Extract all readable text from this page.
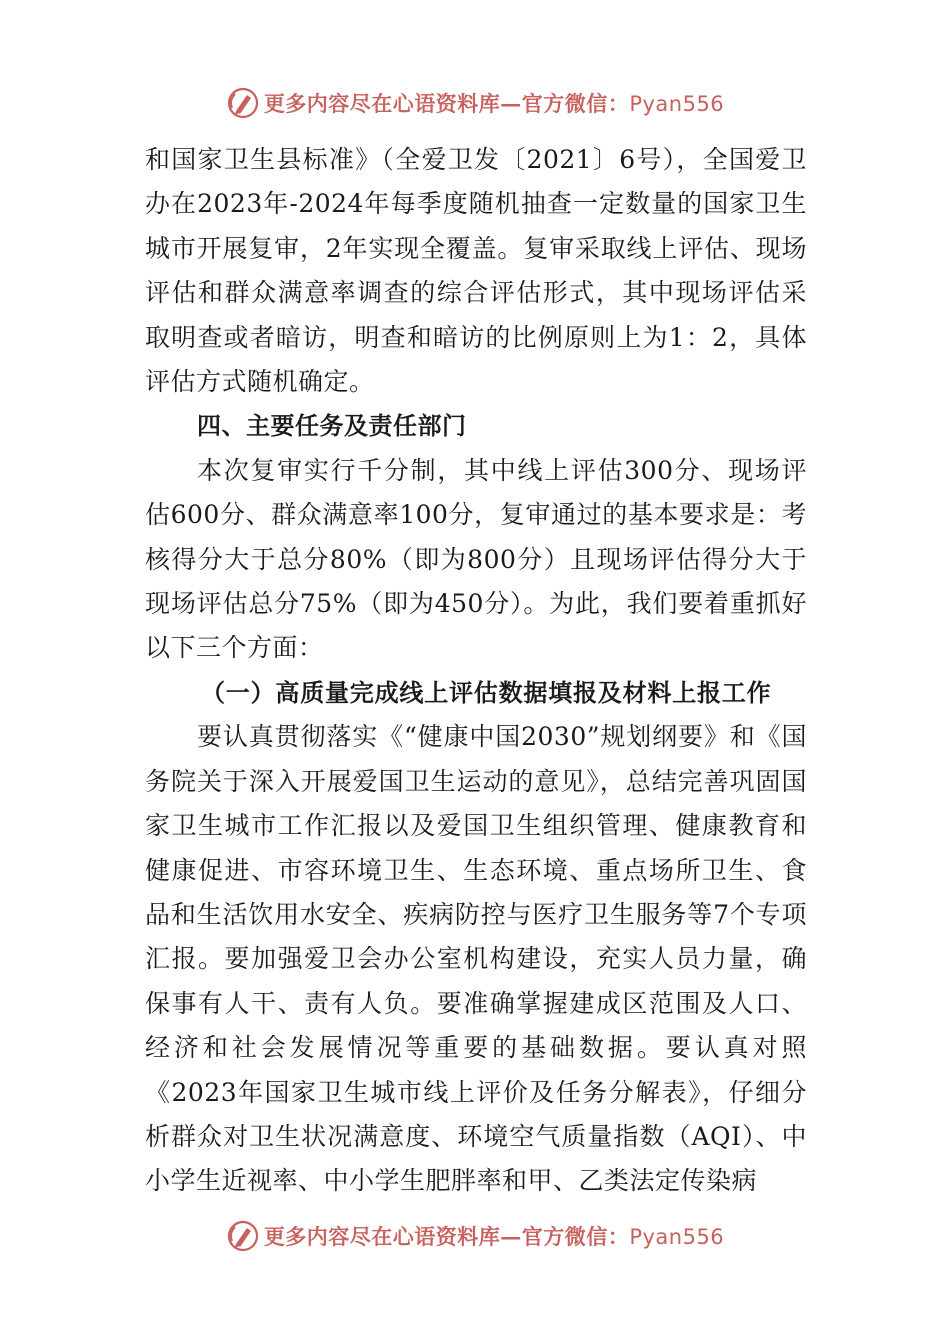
更多内容尽在心语资料库—官方微信：Pyan556

和国家卫生县标准》（全爱卫发〔2021〕6号），全国爱卫办在2023年-2024年每季度随机抽查一定数量的国家卫生城市开展复审，2年实现全覆盖。复审采取线上评估、现场评估和群众满意率调查的综合评估形式，其中现场评估采取明查或者暗访，明查和暗访的比例原则上为1：2，具体评估方式随机确定。

四、主要任务及责任部门

本次复审实行千分制，其中线上评估300分、现场评估600分、群众满意率100分，复审通过的基本要求是：考核得分大于总分80%（即为800分）且现场评估得分大于现场评估总分75%（即为450分）。为此，我们要着重抓好以下三个方面：

（一）高质量完成线上评估数据填报及材料上报工作

要认真贯彻落实《“健康中国2030”规划纲要》和《国务院关于深入开展爱国卫生运动的意见》，总结完善巩固国家卫生城市工作汇报以及爱国卫生组织管理、健康教育和健康促进、市容环境卫生、生态环境、重点场所卫生、食品和生活饮用水安全、疾病防控与医疗卫生服务等7个专项汇报。要加强爱卫会办公室机构建设，充实人员力量，确保事有人干、责有人负。要准确掌握建成区范围及人口、经济和社会发展情况等重要的基础数据。要认真对照《2023年国家卫生城市线上评价及任务分解表》，仔细分析群众对卫生状况满意度、环境空气质量指数（AQI）、中小学生近视率、中小学生肥胖率和甲、乙类法定传染病

更多内容尽在心语资料库—官方微信：Pyan556
